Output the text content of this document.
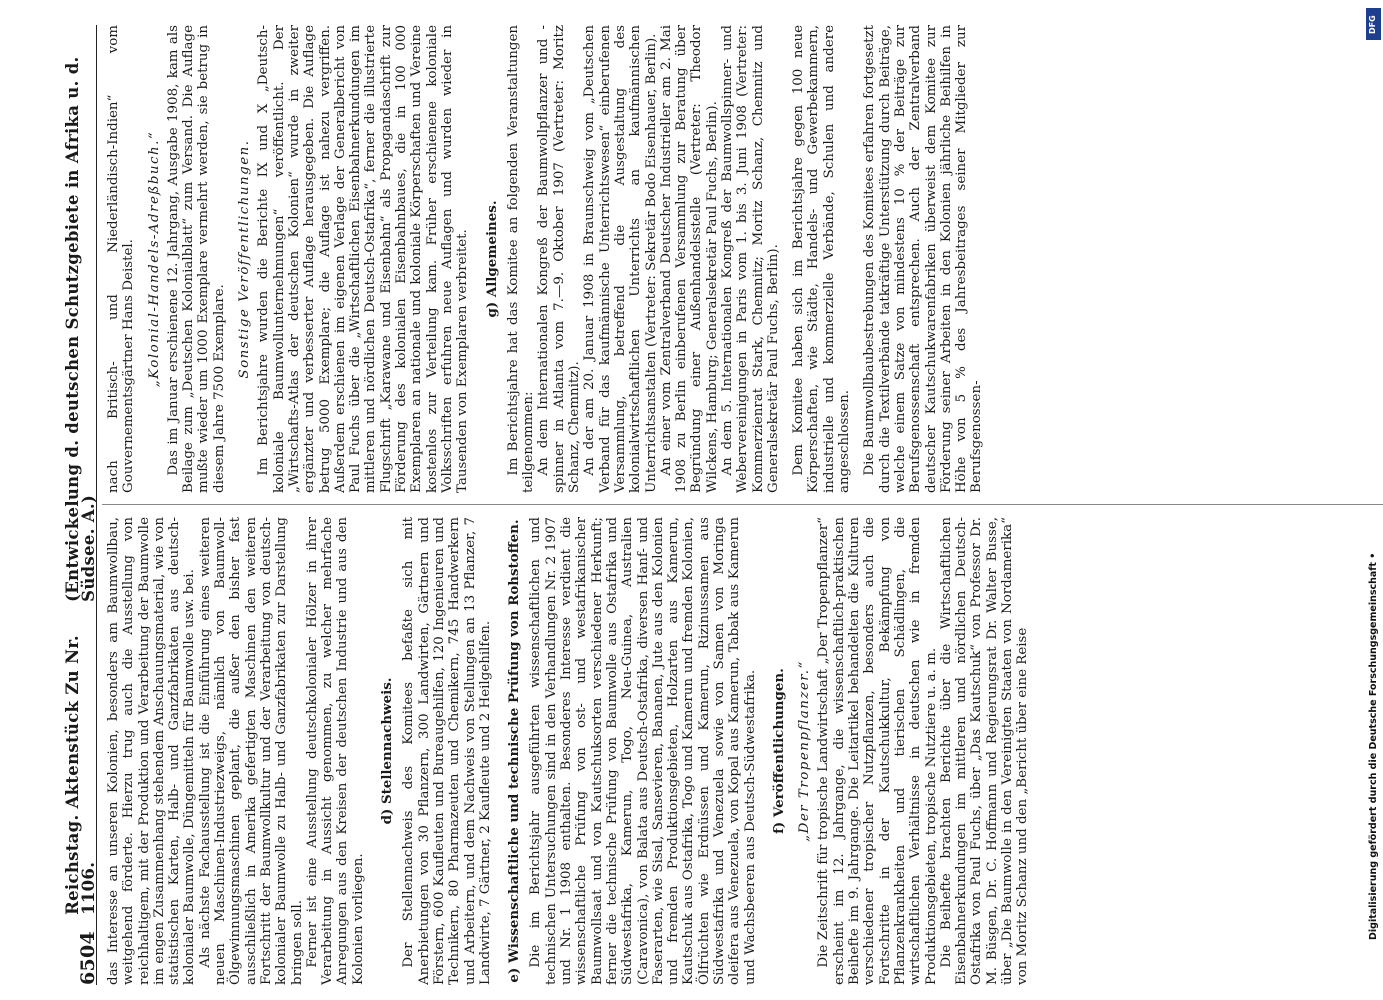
6504
Reichstag. Aktenstück Zu Nr. 1106.
(Entwickelung d. deutschen Schutzgebiete in Afrika u. d. Südsee. A.) das Interesse an unseren Kolonien, besonders am Baumwollbau, weitgehend förderte. Hierzu trug auch die Ausstellung von reichhaltigem, mit der Produktion und Verarbeitung der Baumwolle im engen Zusammenhang stehendem Anschauungsmaterial, wie von statistischen Karten, Halb- und Ganzfabrikaten aus deutsch-kolonialer Baumwolle, Düngemitteln für Baumwolle usw. bei. Als nächste Fachausstellung ist die Einführung eines weiteren neuen Maschinen-Industriezweigs, nämlich von Baumwoll-Ölgewinnungsmaschinen geplant, die außer den bisher fast ausschließlich in Amerika gefertigten Maschinen den weiteren Fortschritt der Baumwollkultur und der Verarbeitung von deutsch-kolonialer Baumwolle zu Halb- und Ganzfabrikaten zur Darstellung bringen soll. Ferner ist eine Ausstellung deutschkolonialer Hölzer in ihrer Verarbeitung in Aussicht genommen, zu welcher mehrfache Anregungen aus den Kreisen der deutschen Industrie und aus den Kolonien vorliegen.

d) Stellennachweis. Der Stellennachweis des Komitees befaßte sich mit Anerbietungen von 30 Pflanzern, 300 Landwirten, Gärtnern und Förstern, 600 Kaufleuten und Bureaugehilfen, 120 Ingenieuren und Technikern, 80 Pharmazeuten und Chemikern, 745 Handwerkern und Arbeitern, und dem Nachweis von Stellungen an 13 Pflanzer, 7 Landwirte, 7 Gärtner, 2 Kaufleute und 2 Heilgehilfen. e) Wissenschaftliche und technische Prüfung von Rohstoffen. Die im Berichtsjahr ausgeführten wissenschaftlichen und technischen Untersuchungen sind in den Verhandlungen Nr. 2 1907 und Nr. 1 1908 enthalten. Besonderes Interesse verdient die wissenschaftliche Prüfung von ost- und westafrikanischer Baumwollsaat und von Kautschuksorten verschiedener Herkunft; ferner die technische Prüfung von Baumwolle aus Ostafrika und Südwestafrika, Kamerun, Togo, Neu-Guinea, Australien (Caravonica), von Balata aus Deutsch-Ostafrika, diversen Hanf- und Faserarten, wie Sisal, Sansevieren, Bananen, Jute aus den Kolonien und fremden Produktionsgebieten, Holzarten aus Kamerun, Kautschuk aus Ostafrika, Togo und Kamerun und fremden Kolonien, Ölfrüchten wie Erdnüssen und Kamerun, Rizinussamen aus Südwestafrika und Venezuela sowie von Samen von Moringa oleifera aus Venezuela, von Kopal aus Kamerun, Tabak aus Kamerun und Wachsbeeren aus Deutsch-Südwestafrika. f) Veröffentlichungen. „Der Tropenpflanzer.“ Die Zeitschrift für tropische Landwirtschaft „Der Tropenpflanzer“ erscheint im 12. Jahrgange, die wissenschaftlich-praktischen Beihefte im 9. Jahrgange. Die Leitartikel behandelten die Kulturen verschiedener tropischer Nutzpflanzen, besonders auch die Fortschritte in der Kautschukkultur, Bekämpfung von Pflanzenkrankheiten und tierischen Schädlingen, die wirtschaftlichen Verhältnisse in deutschen wie in fremden Produktionsgebieten, tropische Nutztiere u. a. m. Die Beihefte brachten Berichte über die Wirtschaftlichen Eisenbahnerkundungen im mittleren und nördlichen Deutsch-Ostafrika von Paul Fuchs, über „Das Kautschuk“ von Professor Dr. M. Büsgen, Dr. C. Hoffmann und Regierungsrat Dr. Walter Busse, über „Die Baumwolle in den Vereinigten Staaten von Nordamerika“ von Moritz Schanz und den „Bericht über eine Reise

nach Britisch- und Niederländisch-Indien“ vom Gouvernementsgärtner Hans Deistel. „Kolonial-Handels-Adreßbuch.“ Das im Januar erschienene 12. Jahrgang, Ausgabe 1908, kam als Beilage zum „Deutschen Kolonialblatt“ zum Versand. Die Auflage mußte wieder um 1000 Exemplare vermehrt werden, sie betrug in diesem Jahre 7500 Exemplare.

Sonstige Veröffentlichungen. Im Berichtsjahre wurden die Berichte IX und X „Deutsch-koloniale Baumwollunternehmungen“ veröffentlicht. Der „Wirtschafts-Atlas der deutschen Kolonien“ wurde in zweiter ergänzter und verbesserter Auflage herausgegeben. Die Auflage betrug 5000 Exemplare; die Auflage ist nahezu vergriffen. Außerdem erschienen im eigenen Verlage der Generalbericht von Paul Fuchs über die „Wirtschaftlichen Eisenbahnerkundungen im mittleren und nördlichen Deutsch-Ostafrika“, ferner die illustrierte Flugschrift „Karawane und Eisenbahn“ als Propagandaschrift zur Förderung des kolonialen Eisenbahnbaues, die in 100 000 Exemplaren an nationale und koloniale Körperschaften und Vereine kostenlos zur Verteilung kam. Früher erschienene koloniale Volksschriften erfuhren neue Auflagen und wurden wieder in Tausenden von Exemplaren verbreitet. g) Allgemeines. Im Berichtsjahre hat das Komitee an folgenden Veranstaltungen teilgenommen: An dem Internationalen Kongreß der Baumwollpflanzer und -spinner in Atlanta vom 7.—9. Oktober 1907 (Vertreter: Moritz Schanz, Chemnitz). An der am 20. Januar 1908 in Braunschweig vom „Deutschen Verband für das kaufmännische Unterrichtswesen“ einberufenen Versammlung, betreffend die Ausgestaltung des kolonialwirtschaftlichen Unterrichts an kaufmännischen Unterrichtsanstalten (Vertreter: Sekretär Bodo Eisenhauer, Berlin). An einer vom Zentralverband Deutscher Industrieller am 2. Mai 1908 zu Berlin einberufenen Versammlung zur Beratung über Begründung einer Außenhandelsstelle (Vertreter: Theodor Wilckens, Hamburg; Generalsekretär Paul Fuchs, Berlin). An dem 5. Internationalen Kongreß der Baumwollspinner- und Webervereinigungen in Paris vom 1. bis 3. Juni 1908 (Vertreter: Kommerzienrat Stark, Chemnitz; Moritz Schanz, Chemnitz und Generalsekretär Paul Fuchs, Berlin). Dem Komitee haben sich im Berichtsjahre gegen 100 neue Körperschaften, wie Städte, Handels- und Gewerbekammern, industrielle und kommerzielle Verbände, Schulen und andere angeschlossen. Die Baumwollbaubestrebungen des Komitees erfahren fortgesetzt durch die Textilverbände tatkräftige Unterstützung durch Beiträge, welche einem Satze von mindestens 10 % der Beiträge zur Berufsgenossenschaft entsprechen. Auch der Zentralverband deutscher Kautschukwarenfabriken überweist dem Komitee zur Förderung seiner Arbeiten in den Kolonien jährliche Beihilfen in Höhe von 5 % des Jahresbeitrages seiner Mitglieder zur Berufsgenossen-

Digitalisierung gefördert durch die Deutsche Forschungsgemeinschaft •
DFG
